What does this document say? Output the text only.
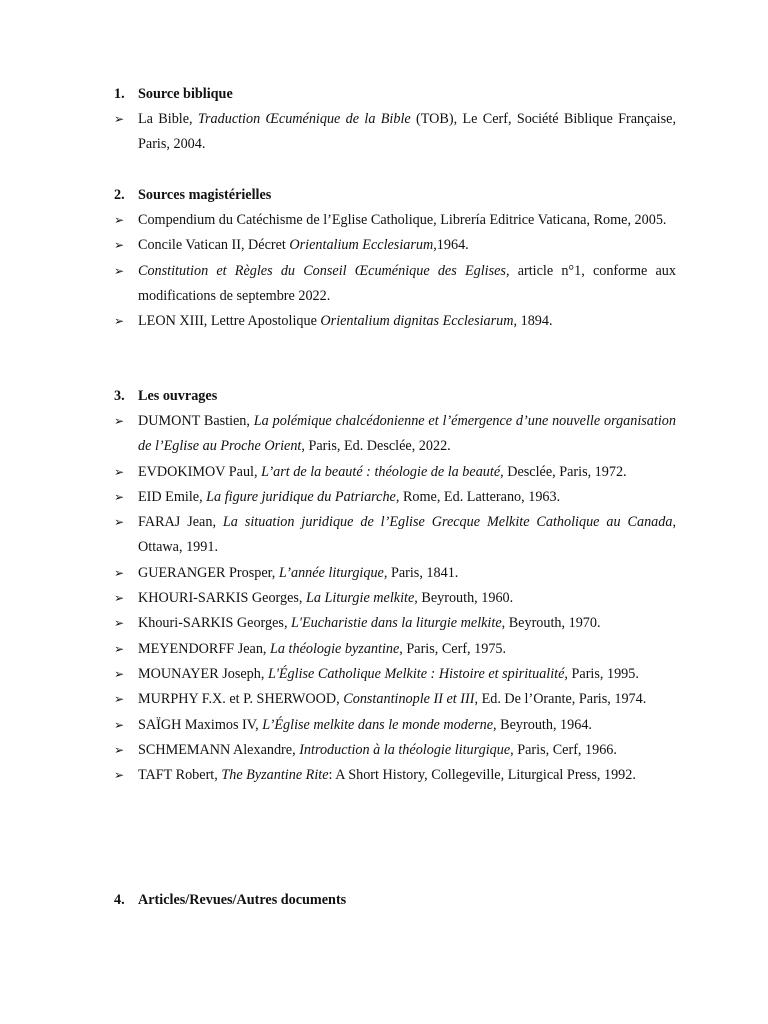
1. Source biblique
➢ La Bible, Traduction Œcuménique de la Bible (TOB), Le Cerf, Société Biblique Française, Paris, 2004.
2. Sources magistérielles
➢ Compendium du Catéchisme de l’Eglise Catholique, Librería Editrice Vaticana, Rome, 2005.
➢ Concile Vatican II, Décret Orientalium Ecclesiarum,1964.
➢ Constitution et Règles du Conseil Œcuménique des Eglises, article n°1, conforme aux modifications de septembre 2022.
➢ LEON XIII, Lettre Apostolique Orientalium dignitas Ecclesiarum, 1894.
3. Les ouvrages
➢ DUMONT Bastien, La polémique chalcédonienne et l’émergence d’une nouvelle organisation de l’Eglise au Proche Orient, Paris, Ed. Desclée, 2022.
➢ EVDOKIMOV Paul, L’art de la beauté : théologie de la beauté, Desclée, Paris, 1972.
➢ EID Emile, La figure juridique du Patriarche, Rome, Ed. Latterano, 1963.
➢ FARAJ Jean, La situation juridique de l’Eglise Grecque Melkite Catholique au Canada, Ottawa, 1991.
➢ GUERANGER Prosper, L’année liturgique, Paris, 1841.
➢ KHOURI-SARKIS Georges, La Liturgie melkite, Beyrouth, 1960.
➢ Khouri-SARKIS Georges, L'Eucharistie dans la liturgie melkite, Beyrouth, 1970.
➢ MEYENDORFF Jean, La théologie byzantine, Paris, Cerf, 1975.
➢ MOUNAYER Joseph, L'Église Catholique Melkite : Histoire et spiritualité, Paris, 1995.
➢ MURPHY F.X. et P. SHERWOOD, Constantinople II et III, Ed. De l’Orante, Paris, 1974.
➢ SAÏGH Maximos IV, L’Église melkite dans le monde moderne, Beyrouth, 1964.
➢ SCHMEMANN Alexandre, Introduction à la théologie liturgique, Paris, Cerf, 1966.
➢ TAFT Robert, The Byzantine Rite: A Short History, Collegeville, Liturgical Press, 1992.
4. Articles/Revues/Autres documents
